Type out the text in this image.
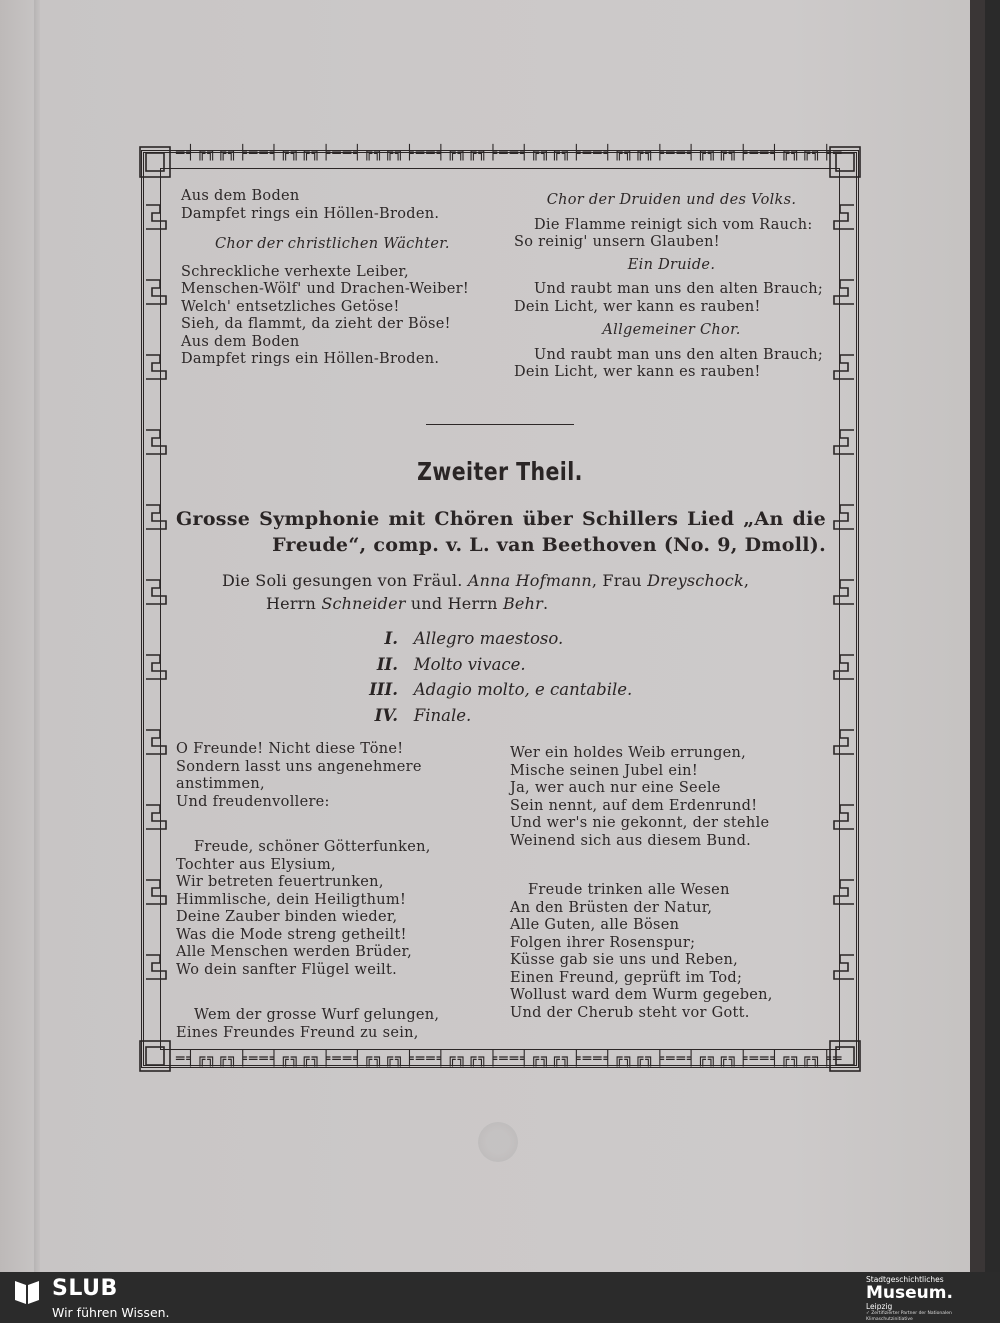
═╡╔╗╔╗╞══╡╔╗╔╗╞══╡╔╗╔╗╞══╡╔╗╔╗╞══╡╔╗╔╗╞══╡╔╗╔╗╞══╡╔╗╔╗╞══╡╔╗╔╗╞═
═╡╔╗╔╗╞══╡╔╗╔╗╞══╡╔╗╔╗╞══╡╔╗╔╗╞══╡╔╗╔╗╞══╡╔╗╔╗╞══╡╔╗╔╗╞══╡╔╗╔╗╞═

Aus dem Boden

Dampfet rings ein Höllen-Broden.

Chor der christlichen Wächter.

Schreckliche verhexte Leiber,

Menschen-Wölf' und Drachen-Weiber!

Welch' entsetzliches Getöse!

Sieh, da flammt, da zieht der Böse!

Aus dem Boden

Dampfet rings ein Höllen-Broden.

Chor der Druiden und des Volks.

Die Flamme reinigt sich vom Rauch:

So reinig' unsern Glauben!

Ein Druide.

Und raubt man uns den alten Brauch;

Dein Licht, wer kann es rauben!

Allgemeiner Chor.

Und raubt man uns den alten Brauch;

Dein Licht, wer kann es rauben!

Zweiter Theil.
Grosse Symphonie mit Chören über Schillers Lied „An die Freude“, comp. v. L. van Beethoven (No. 9, Dmoll).
Die Soli gesungen von Fräul. Anna Hofmann, Frau Dreyschock,
Herrn Schneider und Herrn Behr.
I.
Allegro maestoso.
II.
Molto vivace.
III.
Adagio molto, e cantabile.
IV.
Finale.

O Freunde! Nicht diese Töne!

Sondern lasst uns angenehmere anstimmen,

Und freudenvollere:

Freude, schöner Götterfunken,

Tochter aus Elysium,

Wir betreten feuertrunken,

Himmlische, dein Heiligthum!

Deine Zauber binden wieder,

Was die Mode streng getheilt!

Alle Menschen werden Brüder,

Wo dein sanfter Flügel weilt.

Wem der grosse Wurf gelungen,

Eines Freundes Freund zu sein,

Wer ein holdes Weib errungen,

Mische seinen Jubel ein!

Ja, wer auch nur eine Seele

Sein nennt, auf dem Erdenrund!

Und wer's nie gekonnt, der stehle

Weinend sich aus diesem Bund.

Freude trinken alle Wesen

An den Brüsten der Natur,

Alle Guten, alle Bösen

Folgen ihrer Rosenspur;

Küsse gab sie uns und Reben,

Einen Freund, geprüft im Tod;

Wollust ward dem Wurm gegeben,

Und der Cherub steht vor Gott.

SLUB
Wir führen Wissen.
Stadtgeschichtliches
Museum.
Leipzig
✓ Zertifizierter Partner der Nationalen Klimaschutzinitiative
